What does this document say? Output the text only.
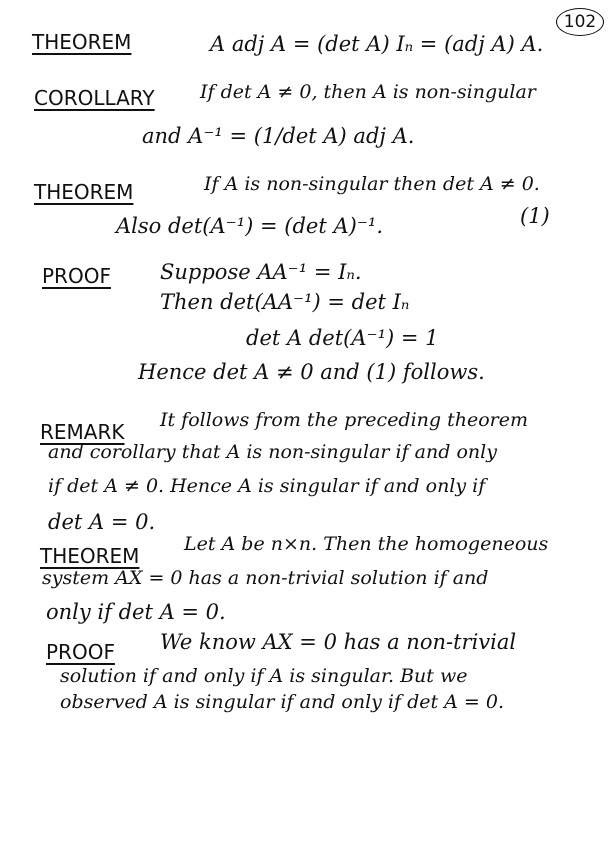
102
THEOREM	A adj A = (det A) Iₙ = (adj A) A.
COROLLARY If det A ≠ 0, then A is non-singular
and A⁻¹ = (1/det A) adj A.
THEOREM	If A is non-singular then det A ≠ 0.
Also det(A⁻¹) = (det A)⁻¹.	(1)
PROOF Suppose AA⁻¹ = Iₙ.
Then det(AA⁻¹) = det Iₙ
det A det(A⁻¹) = 1
Hence det A ≠ 0 and (1) follows.
REMARK It follows from the preceding theorem
and corollary that A is non-singular if and only
if det A ≠ 0. Hence A is singular if and only if
det A = 0.
THEOREM Let A be n×n. Then the homogeneous
system AX = 0 has a non-trivial solution if and
only if det A = 0.
PROOF We know AX = 0 has a non-trivial
solution if and only if A is singular. But we
observed A is singular if and only if det A = 0.
